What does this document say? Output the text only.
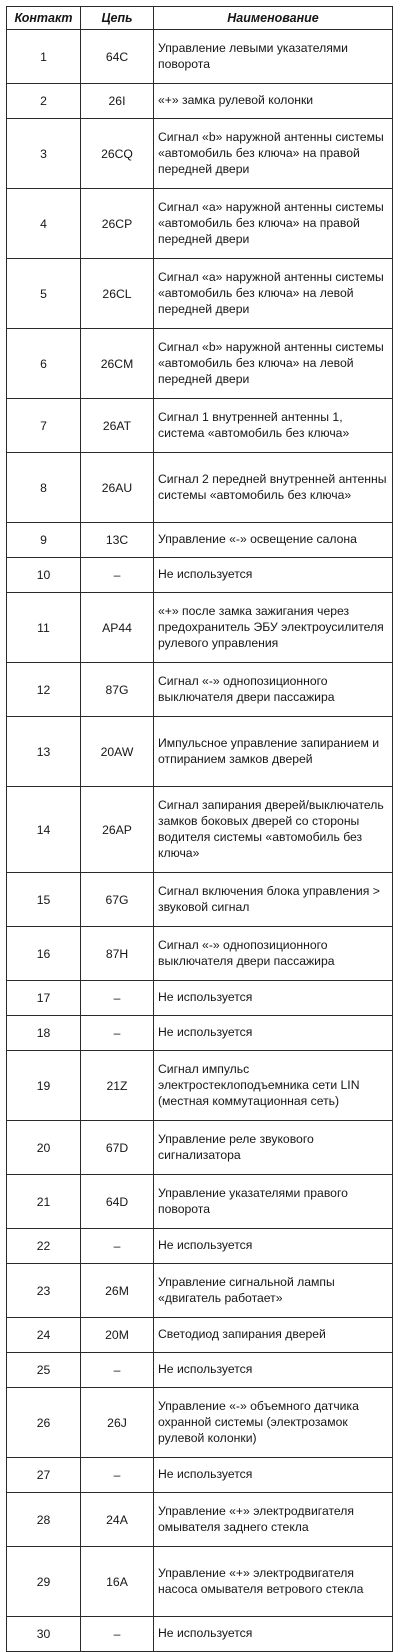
Контакт	Цепь	Наименование
1	64C	Управление левыми указателями поворота
2	26I	«+» замка рулевой колонки
3	26CQ	Сигнал «b» наружной антенны системы «автомобиль без ключа» на правой передней двери
4	26CP	Сигнал «a» наружной антенны системы «автомобиль без ключа» на правой передней двери
5	26CL	Сигнал «a» наружной антенны системы «автомобиль без ключа» на левой передней двери
6	26CM	Сигнал «b» наружной антенны системы «автомобиль без ключа» на левой передней двери
7	26AT	Сигнал 1 внутренней антенны 1, система «автомобиль без ключа»
8	26AU	Сигнал 2 передней внутренней антенны системы «автомобиль без ключа»
9	13C	Управление «-» освещение салона
10	–	Не используется
11	AP44	«+» после замка зажигания через предохранитель ЭБУ электроусилителя рулевого управления
12	87G	Сигнал «-» однопозиционного выключателя двери пассажира
13	20AW	Импульсное управление запиранием и отпиранием замков дверей
14	26AP	Сигнал запирания дверей/выключатель замков боковых дверей со стороны водителя системы «автомобиль без ключа»
15	67G	Сигнал включения блока управления > звуковой сигнал
16	87H	Сигнал «-» однопозиционного выключателя двери пассажира
17	–	Не используется
18	–	Не используется
19	21Z	Сигнал импульс электростеклоподъемника сети LIN (местная коммутационная сеть)
20	67D	Управление реле звукового сигнализатора
21	64D	Управление указателями правого поворота
22	–	Не используется
23	26M	Управление сигнальной лампы «двигатель работает»
24	20M	Светодиод запирания дверей
25	–	Не используется
26	26J	Управление «-» объемного датчика охранной системы (электрозамок рулевой колонки)
27	–	Не используется
28	24A	Управление «+» электродвигателя омывателя заднего стекла
29	16A	Управление «+» электродвигателя насоса омывателя ветрового стекла
30	–	Не используется
